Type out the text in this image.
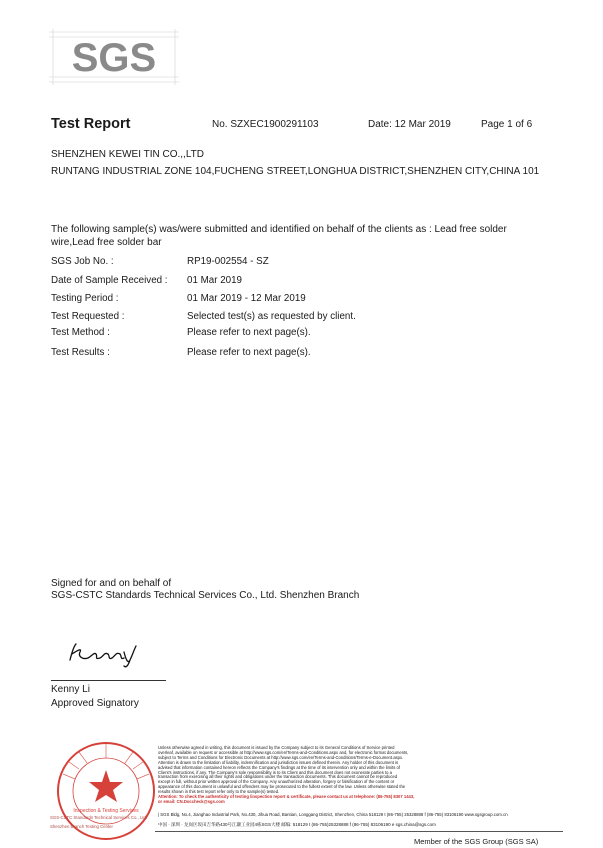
SGS
Test Report	No. SZXEC1900291103	Date: 12 Mar 2019	Page 1 of 6
SHENZHEN KEWEI TIN CO.,,LTD
RUNTANG INDUSTRIAL ZONE 104,FUCHENG STREET,LONGHUA DISTRICT,SHENZHEN CITY,CHINA 101
The following sample(s) was/were submitted and identified on behalf of the clients as : Lead free solder
wire,Lead free solder bar
SGS Job No. :	RP19-002554 - SZ
Date of Sample Received : 01 Mar 2019
Testing Period :	01 Mar 2019 - 12 Mar 2019
Test Requested :	Selected test(s) as requested by client.
Test Method :	Please refer to next page(s).
Test Results :	Please refer to next page(s).
Signed for and on behalf of
SGS-CSTC Standards Technical Services Co., Ltd. Shenzhen Branch
Kenny Li
Approved Signatory
Inspection & Testing Services
SGS-CSTC Standards Technical Services Co., Ltd.
Shenzhen Branch Testing Center
Unless otherwise agreed in writing, this document is issued by the Company subject to its General Conditions of Service printed
overleaf, available on request or accessible at http://www.sgs.com/en/Terms-and-Conditions.aspx and, for electronic format documents,
subject to Terms and Conditions for Electronic Documents at http://www.sgs.com/en/Terms-and-Conditions/Terms-e-Document.aspx.
Attention is drawn to the limitation of liability, indemnification and jurisdiction issues defined therein. Any holder of this document is
advised that information contained hereon reflects the Company's findings at the time of its intervention only and within the limits of
Client's instructions, if any. The Company's sole responsibility is to its Client and this document does not exonerate parties to a
transaction from exercising all their rights and obligations under the transaction documents. This document cannot be reproduced
except in full, without prior written approval of the Company. Any unauthorized alteration, forgery or falsification of the content or
appearance of this document is unlawful and offenders may be prosecuted to the fullest extent of the law. Unless otherwise stated the
results shown in this test report refer only to the sample(s) tested.
Attention: To check the authenticity of testing /inspection report & certificate, please contact us at telephone: (86-755) 8307 1443,
or email: CN.Doccheck@sgs.com
| SGS Bldg, No.4, Jianghao Industrial Park, No.430, Jihua Road, Bantian, Longgang District, Shenzhen, China 518129 t (86-755) 25328888 f (86-755) 83106190 www.sgsgroup.com.cn
中国 · 深圳 · 龙岗区坂田吉华路430号江灏工业园4栋SGS大楼 邮编: 518129 t (86-755)25328888 f (86-755) 83106190 e sgs.china@sgs.com
Member of the SGS Group (SGS SA)
